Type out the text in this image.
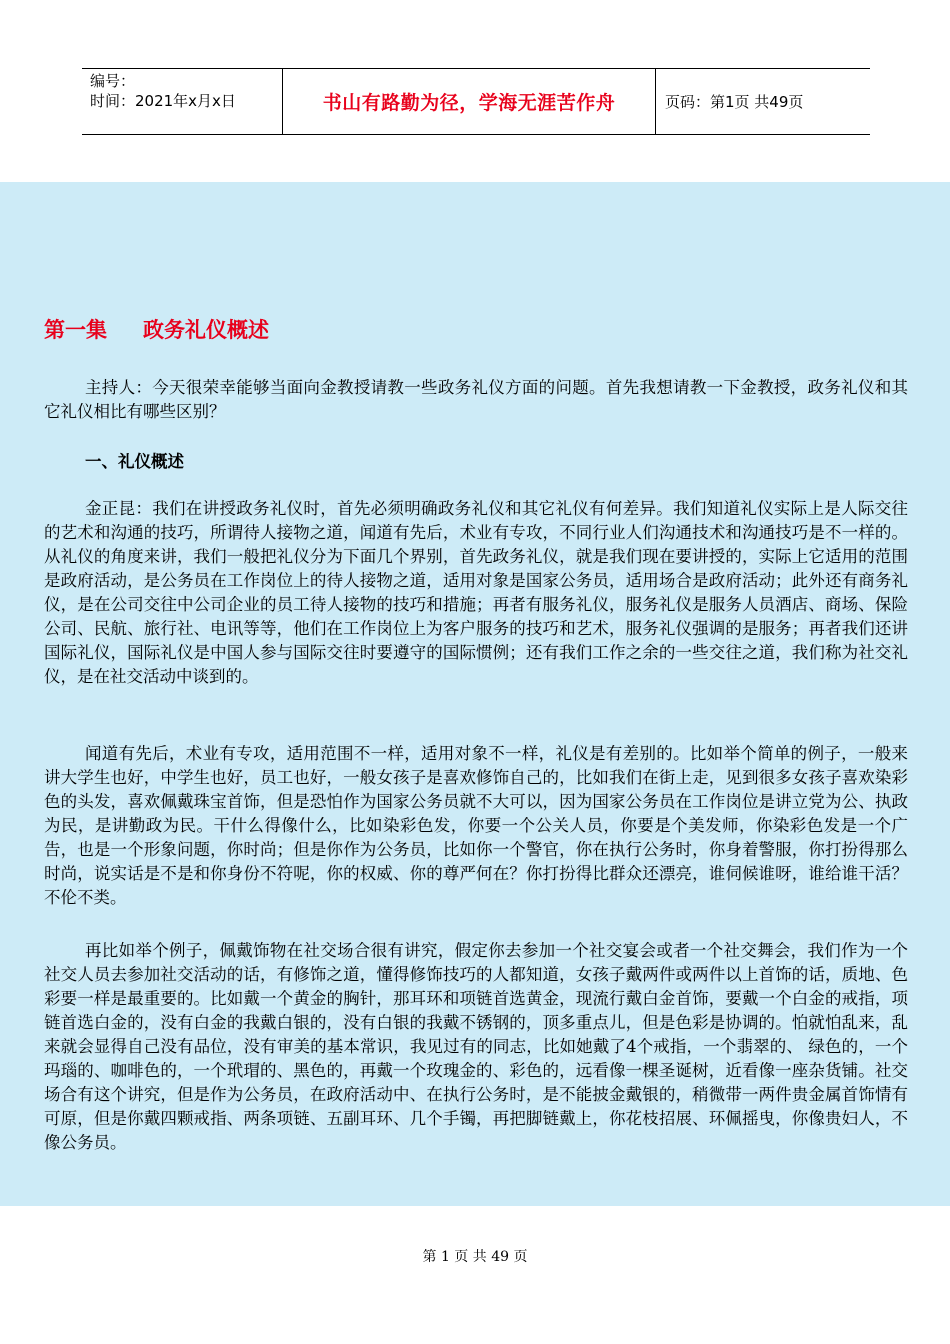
编号：
时间：2021年x月x日	书山有路勤为径，学海无涯苦作舟	页码：第1页 共49页
第一集 政务礼仪概述

主持人：今天很荣幸能够当面向金教授请教一些政务礼仪方面的问题。首先我想请教一下金教授，政务礼仪和其它礼仪相比有哪些区别？

一、礼仪概述

金正昆：我们在讲授政务礼仪时，首先必须明确政务礼仪和其它礼仪有何差异。我们知道礼仪实际上是人际交往的艺术和沟通的技巧，所谓待人接物之道，闻道有先后，术业有专攻，不同行业人们沟通技术和沟通技巧是不一样的。从礼仪的角度来讲，我们一般把礼仪分为下面几个界别，首先政务礼仪，就是我们现在要讲授的，实际上它适用的范围是政府活动，是公务员在工作岗位上的待人接物之道，适用对象是国家公务员，适用场合是政府活动；此外还有商务礼仪，是在公司交往中公司企业的员工待人接物的技巧和措施；再者有服务礼仪，服务礼仪是服务人员酒店、商场、保险公司、民航、旅行社、电讯等等，他们在工作岗位上为客户服务的技巧和艺术，服务礼仪强调的是服务；再者我们还讲国际礼仪，国际礼仪是中国人参与国际交往时要遵守的国际惯例；还有我们工作之余的一些交往之道，我们称为社交礼仪，是在社交活动中谈到的。

闻道有先后，术业有专攻，适用范围不一样，适用对象不一样，礼仪是有差别的。比如举个简单的例子，一般来讲大学生也好，中学生也好，员工也好，一般女孩子是喜欢修饰自己的，比如我们在街上走，见到很多女孩子喜欢染彩色的头发，喜欢佩戴珠宝首饰，但是恐怕作为国家公务员就不大可以，因为国家公务员在工作岗位是讲立党为公、执政为民，是讲勤政为民。干什么得像什么，比如染彩色发，你要一个公关人员，你要是个美发师，你染彩色发是一个广告，也是一个形象问题，你时尚；但是你作为公务员，比如你一个警官，你在执行公务时，你身着警服，你打扮得那么时尚，说实话是不是和你身份不符呢，你的权威、你的尊严何在？你打扮得比群众还漂亮，谁伺候谁呀，谁给谁干活？不伦不类。

再比如举个例子，佩戴饰物在社交场合很有讲究，假定你去参加一个社交宴会或者一个社交舞会，我们作为一个社交人员去参加社交活动的话，有修饰之道，懂得修饰技巧的人都知道，女孩子戴两件或两件以上首饰的话，质地、色彩要一样是最重要的。比如戴一个黄金的胸针，那耳环和项链首选黄金，现流行戴白金首饰，要戴一个白金的戒指，项链首选白金的，没有白金的我戴白银的，没有白银的我戴不锈钢的，顶多重点儿，但是色彩是协调的。怕就怕乱来，乱来就会显得自己没有品位，没有审美的基本常识，我见过有的同志，比如她戴了4个戒指，一个翡翠的、 绿色的，一个玛瑙的、咖啡色的，一个玳瑁的、黑色的，再戴一个玫瑰金的、彩色的，远看像一棵圣诞树，近看像一座杂货铺。社交场合有这个讲究，但是作为公务员，在政府活动中、在执行公务时，是不能披金戴银的，稍微带一两件贵金属首饰情有可原，但是你戴四颗戒指、两条项链、五副耳环、几个手镯，再把脚链戴上，你花枝招展、环佩摇曳，你像贵妇人，不像公务员。

第 1 页 共 49 页
